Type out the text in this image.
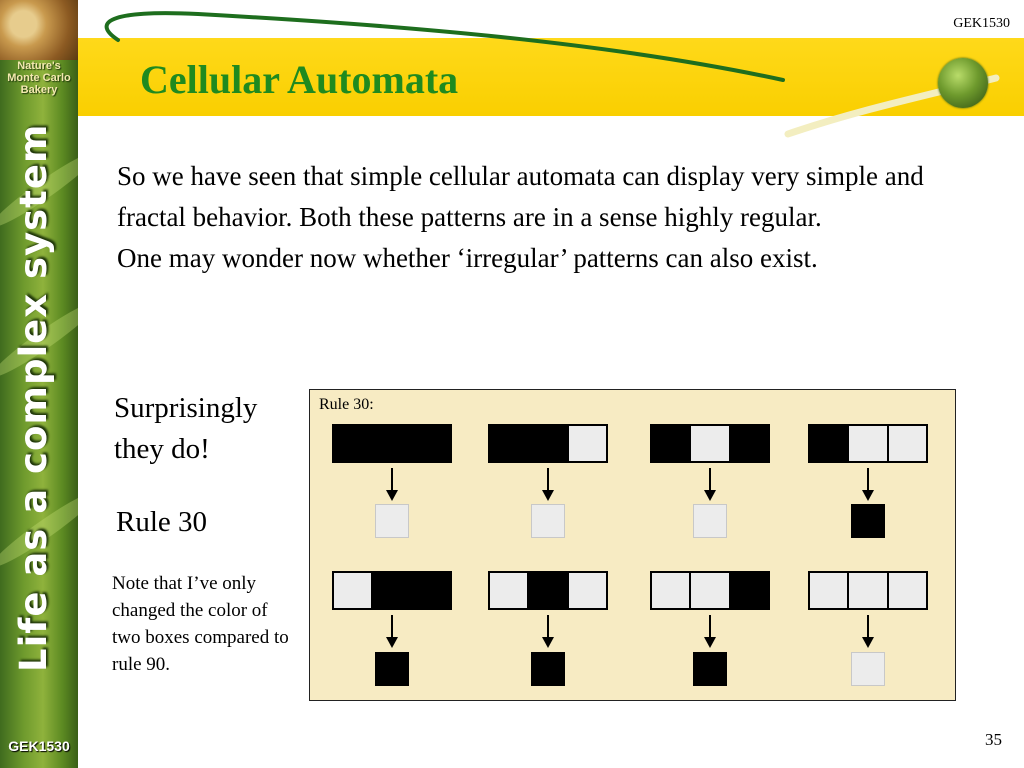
Nature's
Monte Carlo
Bakery
Life as a complex system
GEK1530
GEK1530
Cellular Automata

So we have seen that simple cellular automata can display very simple and fractal behavior. Both these patterns are in a sense highly regular.

One may wonder now whether ‘irregular’ patterns can also exist.

Surprisingly they do!
Rule 30
Note that I’ve only changed the color of two boxes compared to rule 90.
Rule 30:
35
